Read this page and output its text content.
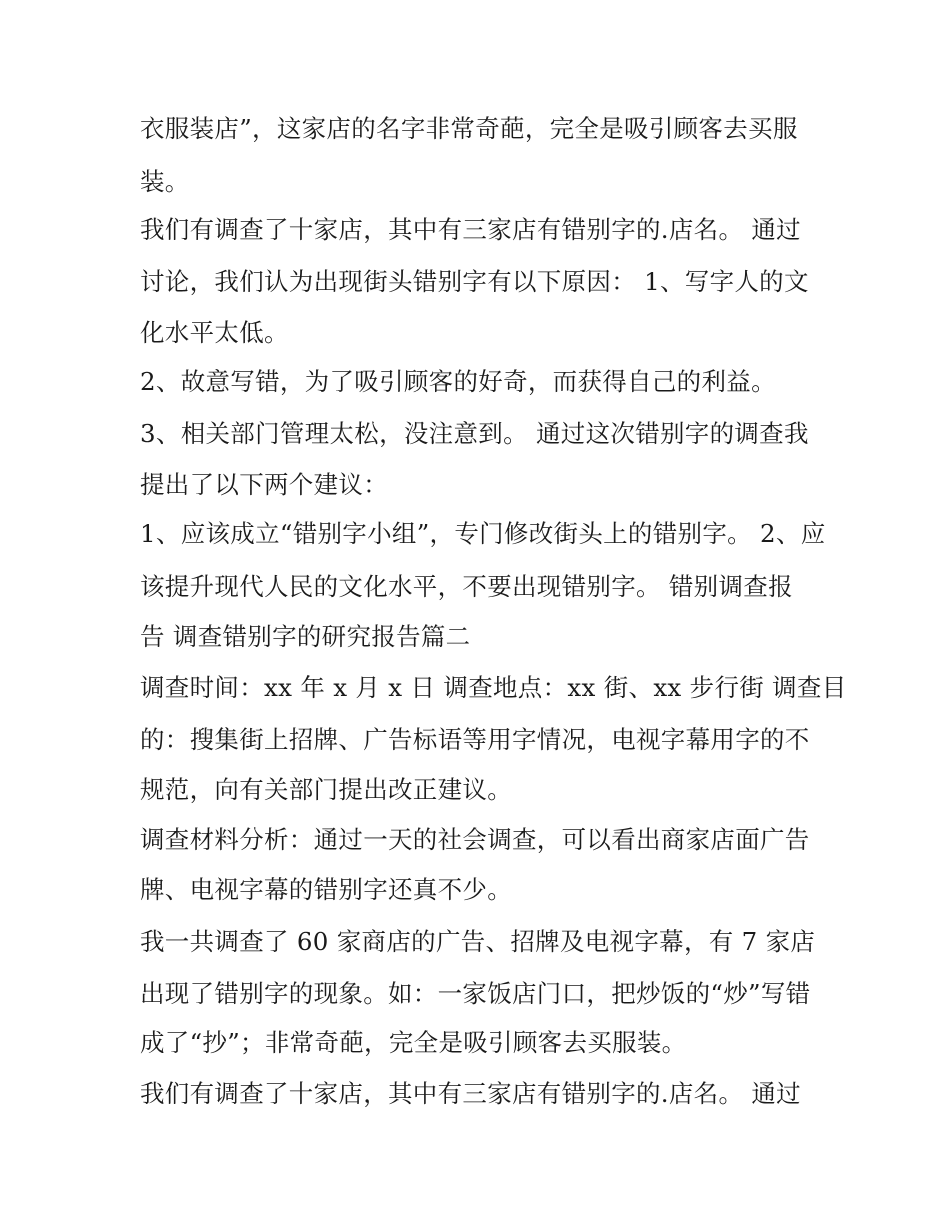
衣服装店”，这家店的名字非常奇葩，完全是吸引顾客去买服

装。

我们有调查了十家店，其中有三家店有错别字的.店名。 通过

讨论，我们认为出现街头错别字有以下原因： 1、写字人的文

化水平太低。

2、故意写错，为了吸引顾客的好奇，而获得自己的利益。

3、相关部门管理太松，没注意到。 通过这次错别字的调查我

提出了以下两个建议：

1、应该成立“错别字小组”，专门修改街头上的错别字。 2、应

该提升现代人民的文化水平，不要出现错别字。 错别调查报

告 调查错别字的研究报告篇二

调查时间：xx 年 x 月 x 日 调查地点：xx 街、xx 步行街 调查目

的：搜集街上招牌、广告标语等用字情况，电视字幕用字的不

规范，向有关部门提出改正建议。

调查材料分析：通过一天的社会调查，可以看出商家店面广告

牌、电视字幕的错别字还真不少。

我一共调查了 60 家商店的广告、招牌及电视字幕，有 7 家店

出现了错别字的现象。如：一家饭店门口，把炒饭的“炒”写错

成了“抄”；非常奇葩，完全是吸引顾客去买服装。

我们有调查了十家店，其中有三家店有错别字的.店名。 通过
